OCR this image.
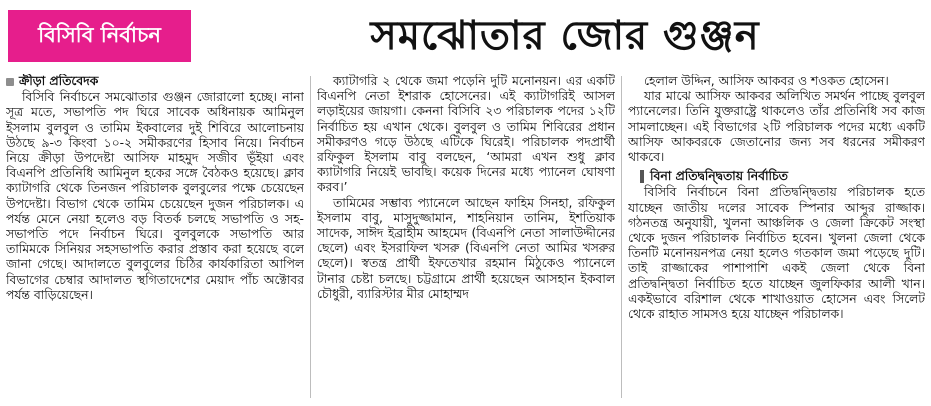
বিসিবি নির্বাচন	সমঝোতার জোর গুঞ্জন
ক্রীড়া প্রতিবেদক

বিসিবি নির্বাচনে সমঝোতার গুঞ্জন জোরালো হচ্ছে। নানা সূত্র মতে, সভাপতি পদ ঘিরে সাবেক অধিনায়ক আমিনুল ইসলাম বুলবুল ও তামিম ইকবালের দুই শিবিরে আলোচনায় উঠছে ৯-৩ কিংবা ১০-২ সমীকরণের হিসাব নিয়ে। নির্বাচন নিয়ে ক্রীড়া উপদেষ্টা আসিফ মাহমুদ সজীব ভূঁইয়া এবং বিএনপি প্রতিনিধি আমিনুল হকের সঙ্গে বৈঠকও হয়েছে। ক্লাব ক্যাটাগরি থেকে তিনজন পরিচালক বুলবুলের পক্ষে চেয়েছেন উপদেষ্টা। বিভাগ থেকে তামিম চেয়েছেন দুজন পরিচালক। এ পর্যন্ত মেনে নেয়া হলেও বড় বিতর্ক চলছে সভাপতি ও সহ-সভাপতি পদে নির্বাচন ঘিরে। বুলবুলকে সভাপতি আর তামিমকে সিনিয়র সহসভাপতি করার প্রস্তাব করা হয়েছে বলে জানা গেছে। আদালতে বুলবুলের চিঠির কার্যকারিতা আপিল বিভাগের চেম্বার আদালত স্থগিতাদেশের মেয়াদ পাঁচ অক্টোবর পর্যন্ত বাড়িয়েছেন।

ক্যাটাগরি ২ থেকে জমা পড়েনি দুটি মনোনয়ন। এর একটি বিএনপি নেতা ইশরাক হোসেনের। এই ক্যাটাগরিই আসল লড়াইয়ের জায়গা। কেননা বিসিবি ২৩ পরিচালক পদের ১২টি নির্বাচিত হয় এখান থেকে। বুলবুল ও তামিম শিবিরের প্রধান সমীকরণও গড়ে উঠছে এটিকে ঘিরেই। পরিচালক পদপ্রার্থী রফিকুল ইসলাম বাবু বলছেন, ‘আমরা এখন শুধু ক্লাব ক্যাটাগরি নিয়েই ভাবছি। কয়েক দিনের মধ্যে প্যানেল ঘোষণা করব।’

তামিমের সম্ভাব্য প্যানেলে আছেন ফাহিম সিনহা, রফিকুল ইসলাম বাবু, মাসুদুজ্জামান, শাহনিয়ান তানিম, ইশতিয়াক সাদেক, সাঈদ ইব্রাহীম আহমেদ (বিএনপি নেতা সালাউদ্দীনের ছেলে) এবং ইসরাফিল খসরু (বিএনপি নেতা আমির খসরুর ছেলে)। স্বতন্ত্র প্রার্থী ইফতেখার রহমান মিঠুকেও প্যানেলে টানার চেষ্টা চলছে। চট্টগ্রামে প্রার্থী হয়েছেন আসহান ইকবাল চৌধুরী, ব্যারিস্টার মীর মোহাম্মদ

হেলাল উদ্দিন, আসিফ আকবর ও শওকত হোসেন।

যার মাঝে আসিফ আকবর অলিখিত সমর্থন পাচ্ছে বুলবুল প্যানেলের। তিনি যুক্তরাষ্ট্রে থাকলেও তাঁর প্রতিনিধি সব কাজ সামলাচ্ছেন। এই বিভাগের ২টি পরিচালক পদের মধ্যে একটি আসিফ আকবরকে জেতানোর জন্য সব ধরনের সমীকরণ থাকবে।

বিনা প্রতিদ্বন্দ্বিতায় নির্বাচিত

বিসিবি নির্বাচনে বিনা প্রতিদ্বন্দ্বিতায় পরিচালক হতে যাচ্ছেন জাতীয় দলের সাবেক স্পিনার আব্দুর রাজ্জাক। গঠনতন্ত্র অনুযায়ী, খুলনা আঞ্চলিক ও জেলা ক্রিকেট সংস্থা থেকে দুজন পরিচালক নির্বাচিত হবেন। খুলনা জেলা থেকে তিনটি মনোনয়নপত্র নেয়া হলেও গতকাল জমা পড়েছে দুটি। তাই রাজ্জাকের পাশাপাশি একই জেলা থেকে বিনা প্রতিদ্বন্দ্বিতা নির্বাচিত হতে যাচ্ছেন জুলফিকার আলী খান। একইভাবে বরিশাল থেকে শাখাওয়াত হোসেন এবং সিলেট থেকে রাহাত সামসও হয়ে যাচ্ছেন পরিচালক।
